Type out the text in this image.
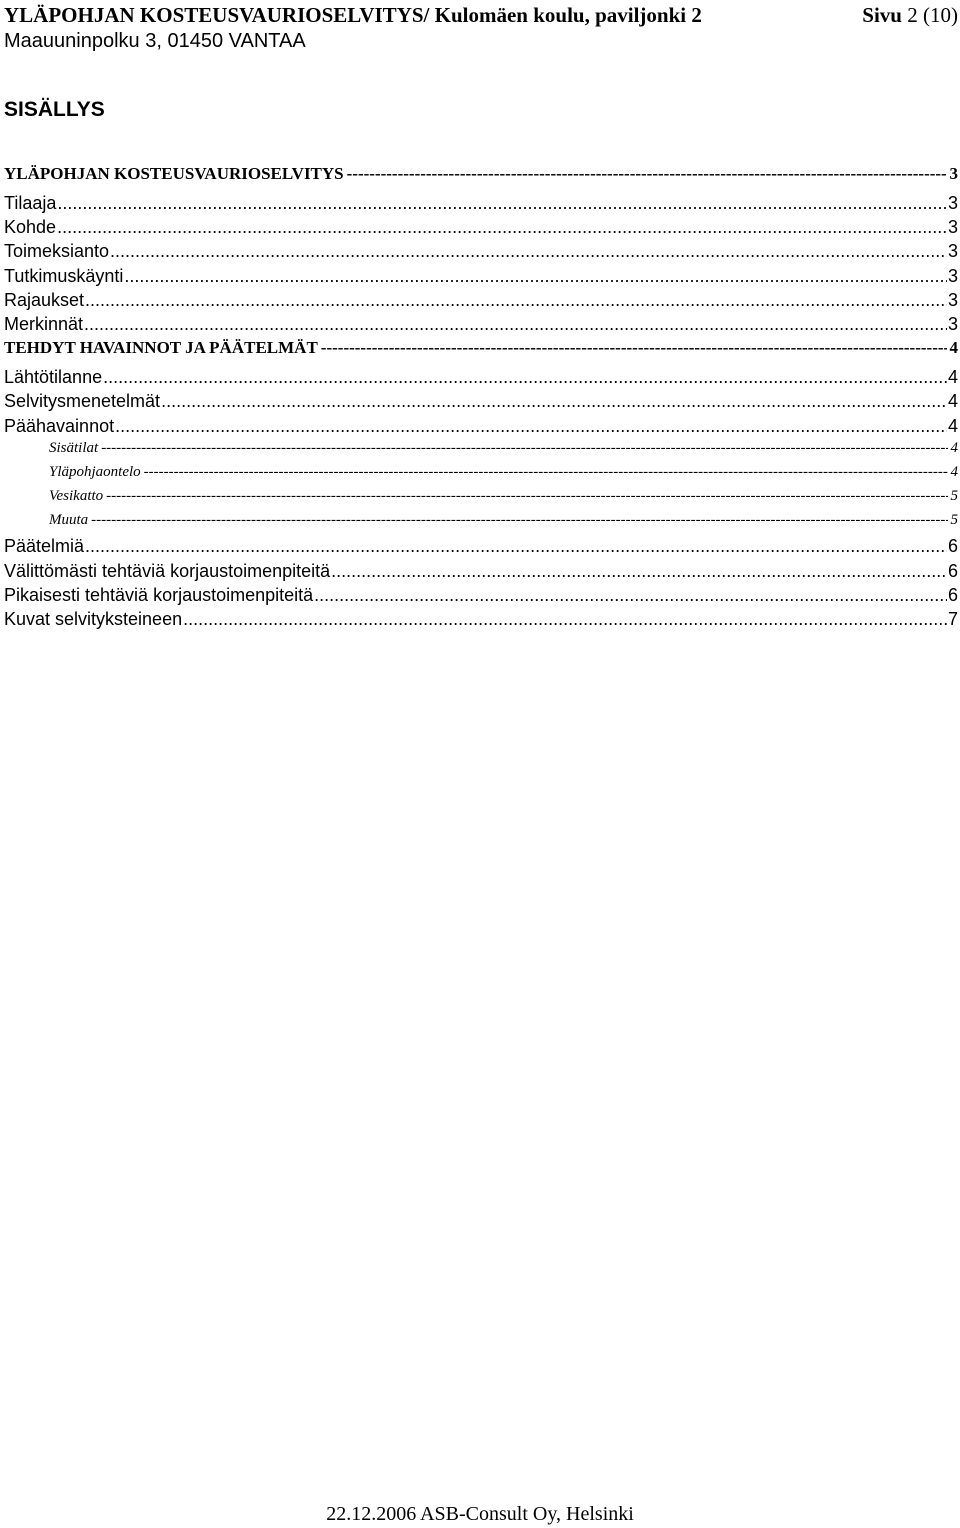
YLÄPOHJAN KOSTEUSVAURIOSELVITYS/ Kulomäen koulu, paviljonki 2	Sivu 2 (10)
Maauuninpolku 3, 01450 VANTAA
SISÄLLYS
YLÄPOHJAN KOSTEUSVAURIOSELVITYS -----	3
Tilaaja .....	3
Kohde .....	3
Toimeksianto .....	3
Tutkimuskäynti .....	3
Rajaukset .....	3
Merkinnät .....	3
TEHDYT HAVAINNOT JA PÄÄTELMÄT -----	4
Lähtötilanne .....	4
Selvitysmenetelmät .....	4
Päähavainnot .....	4
Sisätilat -----	4
Yläpohjaontelo -----	4
Vesikatto -----	5
Muuta -----	5
Päätelmiä .....	6
Välittömästi tehtäviä korjaustoimenpiteitä .....	6
Pikaisesti tehtäviä korjaustoimenpiteitä .....	6
Kuvat selvityksteineen .....	7
22.12.2006 ASB-Consult Oy, Helsinki
